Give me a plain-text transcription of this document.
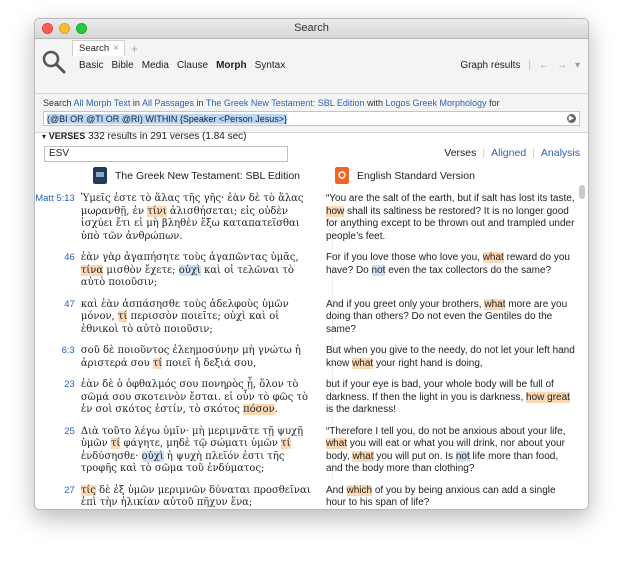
Search
Search × +
Basic Bible Media Clause Morph Syntax	Graph results | ← → ▾
Search All Morph Text in All Passages in The Greek New Testament: SBL Edition with Logos Greek Morphology for
(@BI OR @TI OR @RI) WITHIN {Speaker <Person Jesus>}	▶
▾ VERSES 332 results in 291 verses (1.84 sec)
ESV	Verses | Aligned | Analysis
The Greek New Testament: SBL Edition	English Standard Version
Matt 5:13 Ὑμεῖς ἐστε τὸ ἅλας τῆς γῆς· ἐὰν δὲ τὸ ἅλας μωρανθῇ, ἐν τίνι ἁλισθήσεται; εἰς οὐδὲν ἰσχύει ἔτι εἰ μὴ βληθὲν ἔξω καταπατεῖσθαι ὑπὸ τῶν ἀνθρώπων.
“You are the salt of the earth, but if salt has lost its taste, how shall its saltiness be restored? It is no longer good for anything except to be thrown out and trampled under people’s feet.
46 ἐὰν γὰρ ἀγαπήσητε τοὺς ἀγαπῶντας ὑμᾶς, τίνα μισθὸν ἔχετε; οὐχὶ καὶ οἱ τελῶναι τὸ αὐτὸ ποιοῦσιν;
For if you love those who love you, what reward do you have? Do not even the tax collectors do the same?
47 καὶ ἐὰν ἀσπάσησθε τοὺς ἀδελφοὺς ὑμῶν μόνον, τί περισσὸν ποιεῖτε; οὐχὶ καὶ οἱ ἐθνικοὶ τὸ αὐτὸ ποιοῦσιν;
And if you greet only your brothers, what more are you doing than others? Do not even the Gentiles do the same?
6:3 σοῦ δὲ ποιοῦντος ἐλεημοσύνην μὴ γνώτω ἡ ἀριστερά σου τί ποιεῖ ἡ δεξιά σου,
But when you give to the needy, do not let your left hand know what your right hand is doing,
23 ἐὰν δὲ ὁ ὀφθαλμός σου πονηρὸς ᾖ, ὅλον τὸ σῶμά σου σκοτεινὸν ἔσται. εἰ οὖν τὸ φῶς τὸ ἐν σοὶ σκότος ἐστίν, τὸ σκότος πόσον.
but if your eye is bad, your whole body will be full of darkness. If then the light in you is darkness, how great is the darkness!
25 Διὰ τοῦτο λέγω ὑμῖν· μὴ μεριμνᾶτε τῇ ψυχῇ ὑμῶν τί φάγητε, μηδὲ τῷ σώματι ὑμῶν τί ἐνδύσησθε· οὐχὶ ἡ ψυχὴ πλεῖόν ἐστι τῆς τροφῆς καὶ τὸ σῶμα τοῦ ἐνδύματος;
“Therefore I tell you, do not be anxious about your life, what you will eat or what you will drink, nor about your body, what you will put on. Is not life more than food, and the body more than clothing?
27 τίς δὲ ἐξ ὑμῶν μεριμνῶν δύναται προσθεῖναι ἐπὶ τὴν ἡλικίαν αὐτοῦ πῆχυν ἕνα;
And which of you by being anxious can add a single hour to his span of life?
